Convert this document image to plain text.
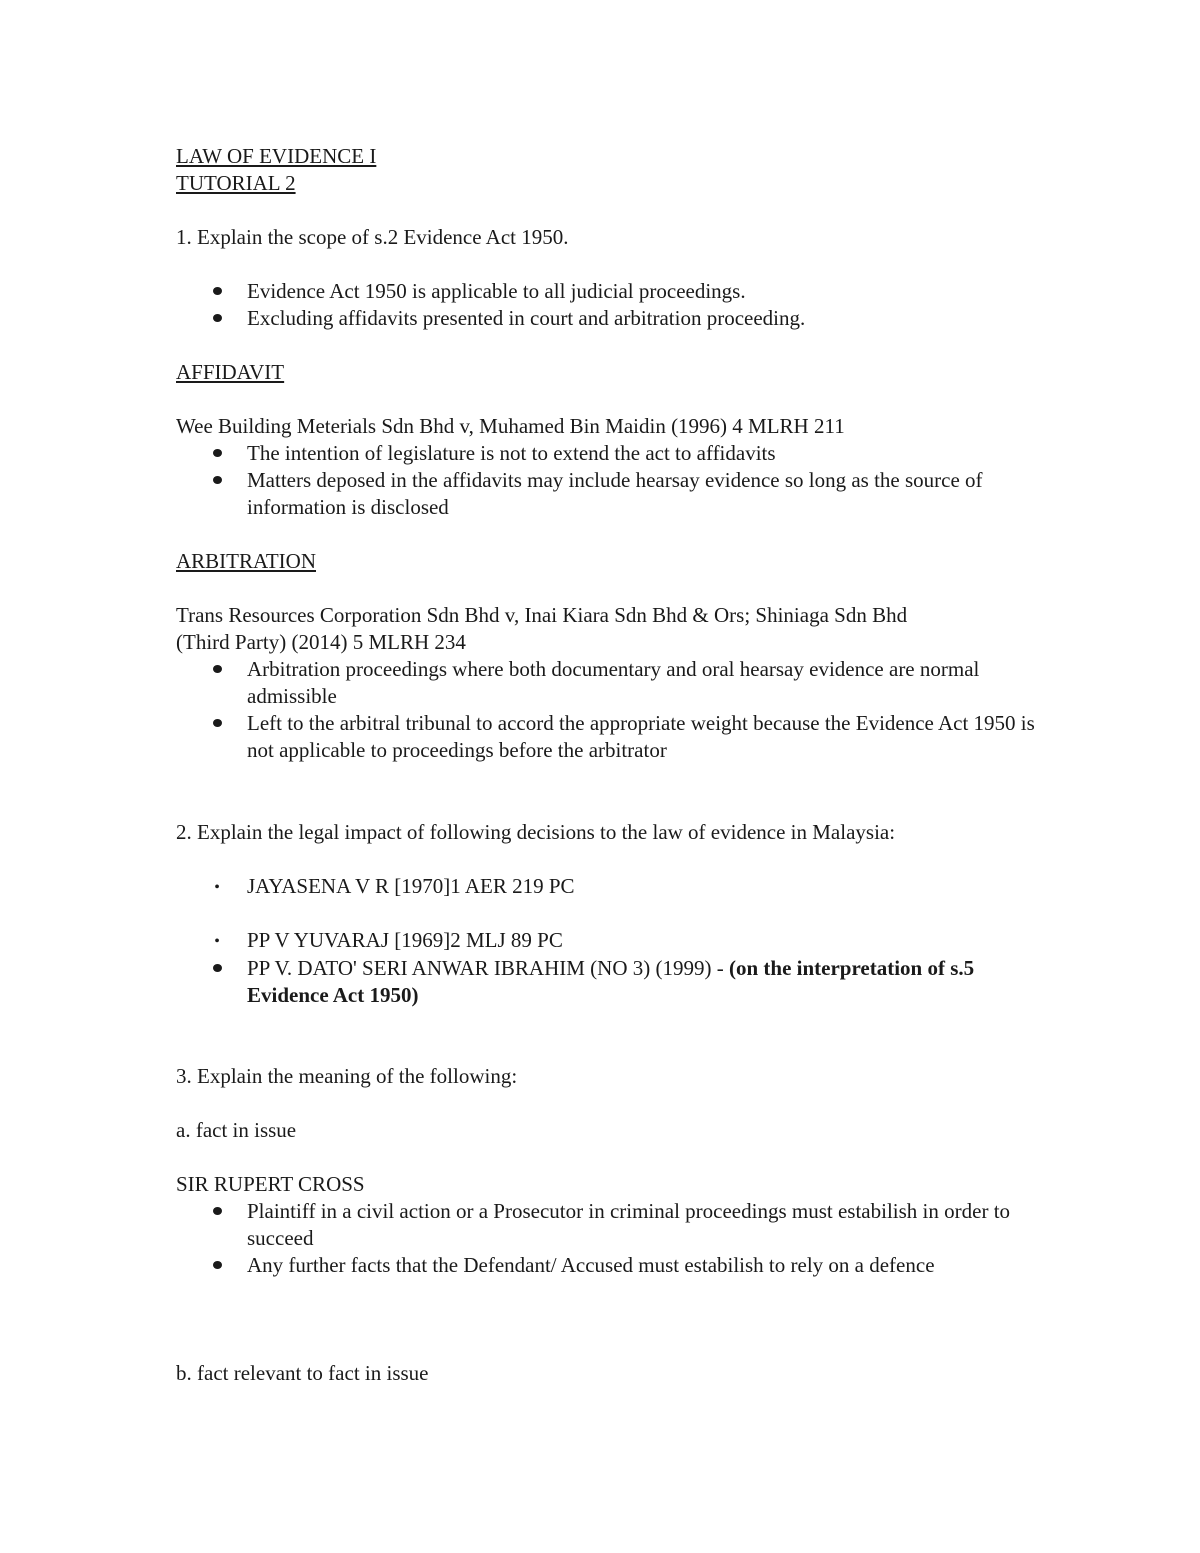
LAW OF EVIDENCE I
TUTORIAL 2
1. Explain the scope of s.2 Evidence Act 1950.
Evidence Act 1950 is applicable to all judicial proceedings.
Excluding affidavits presented in court and arbitration proceeding.
AFFIDAVIT
Wee Building Meterials Sdn Bhd v, Muhamed Bin Maidin (1996) 4 MLRH 211
The intention of legislature is not to extend the act to affidavits
Matters deposed in the affidavits may include hearsay evidence so long as the source of information is disclosed
ARBITRATION
Trans Resources Corporation Sdn Bhd v, Inai Kiara Sdn Bhd & Ors; Shiniaga Sdn Bhd
(Third Party) (2014) 5 MLRH 234
Arbitration proceedings where both documentary and oral hearsay evidence are normal admissible
Left to the arbitral tribunal to accord the appropriate weight because the Evidence Act 1950 is not applicable to proceedings before the arbitrator
2. Explain the legal impact of following decisions to the law of evidence in Malaysia:
• JAYASENA V R [1970]1 AER 219 PC
• PP V YUVARAJ [1969]2 MLJ 89 PC
PP V. DATO' SERI ANWAR IBRAHIM (NO 3) (1999) - (on the interpretation of s.5 Evidence Act 1950)
3. Explain the meaning of the following:
a. fact in issue
SIR RUPERT CROSS
Plaintiff in a civil action or a Prosecutor in criminal proceedings must estabilish in order to succeed
Any further facts that the Defendant/ Accused must estabilish to rely on a defence
b. fact relevant to fact in issue
